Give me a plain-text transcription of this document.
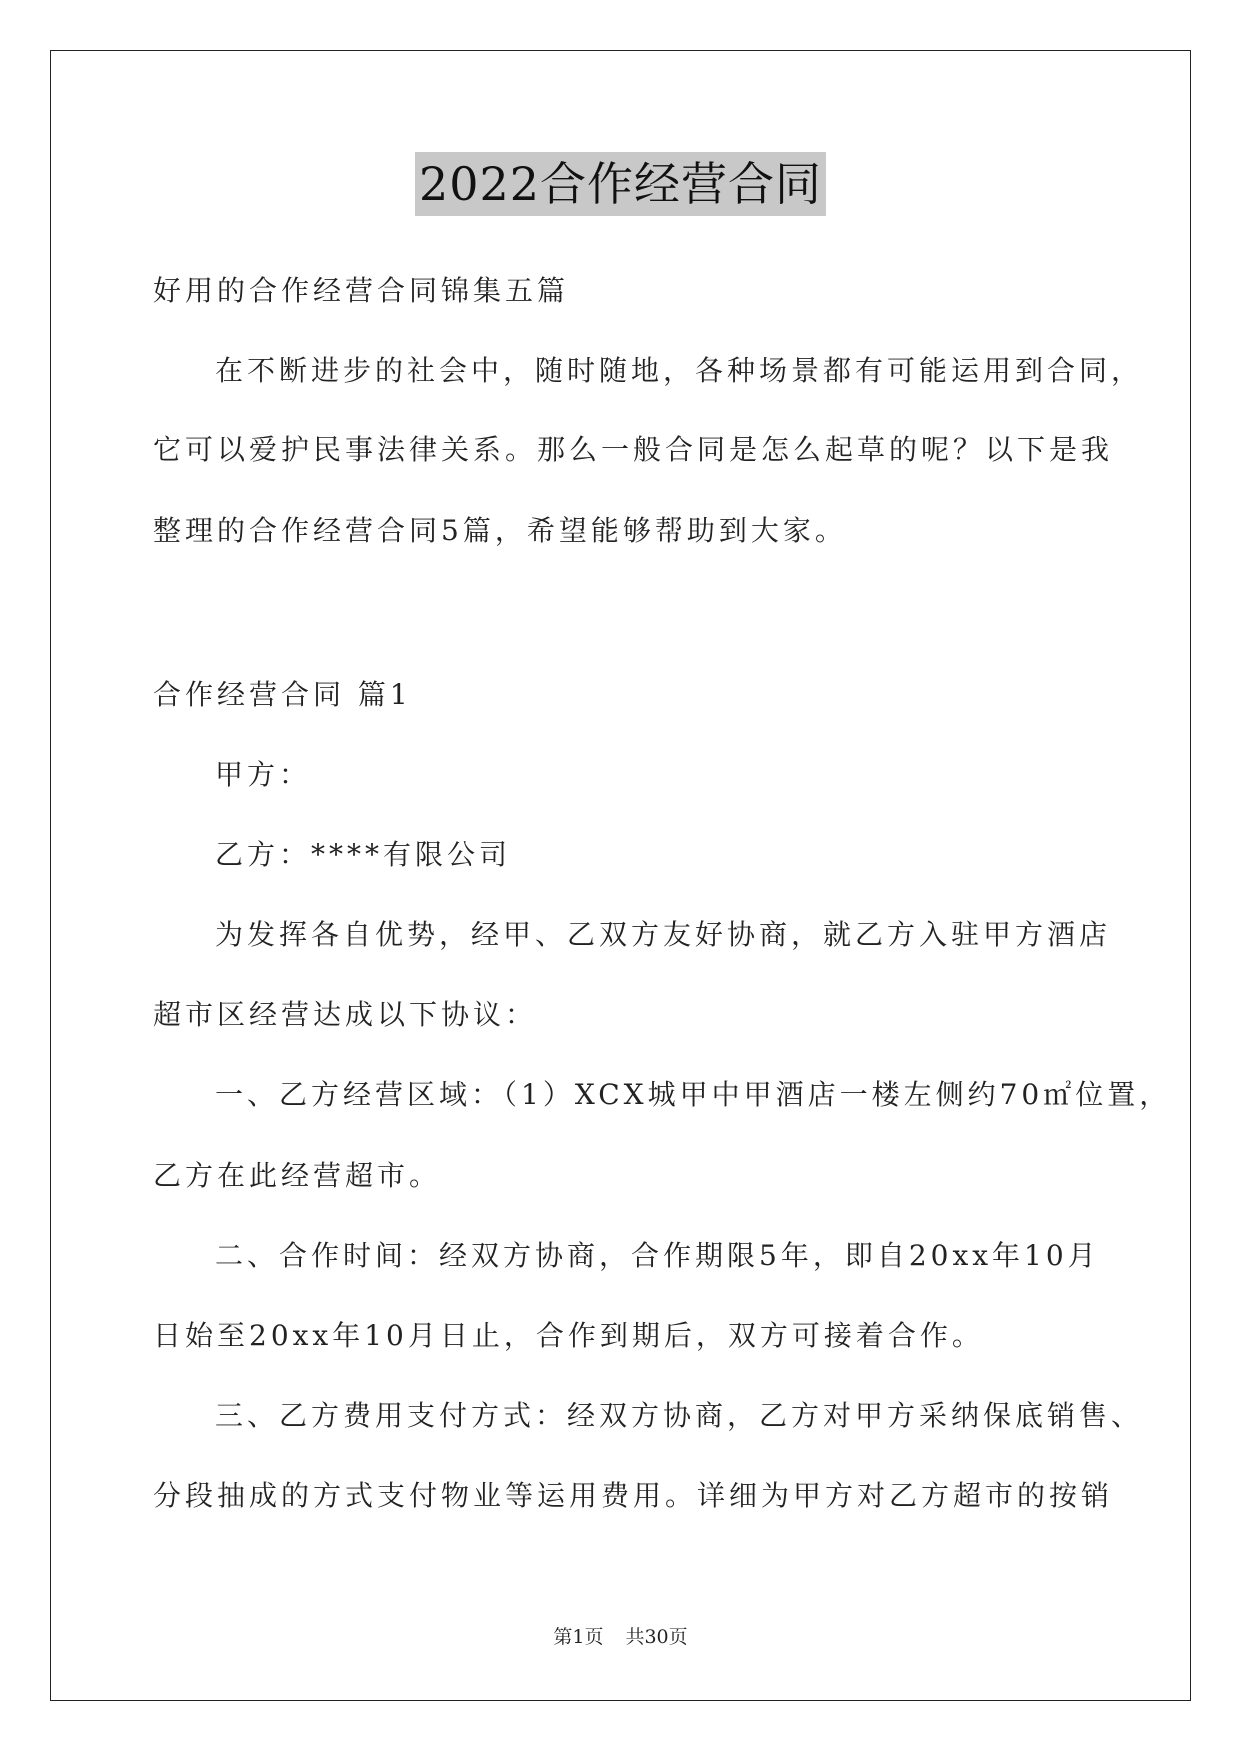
2022合作经营合同
好用的合作经营合同锦集五篇
在不断进步的社会中，随时随地，各种场景都有可能运用到合同，
它可以爱护民事法律关系。那么一般合同是怎么起草的呢？以下是我
整理的合作经营合同5篇，希望能够帮助到大家。
合作经营合同 篇1
甲方：
乙方：****有限公司
为发挥各自优势，经甲、乙双方友好协商，就乙方入驻甲方酒店
超市区经营达成以下协议：
一、乙方经营区域：（1）XCX城甲中甲酒店一楼左侧约70㎡位置，
乙方在此经营超市。
二、合作时间：经双方协商，合作期限5年，即自20xx年10月
日始至20xx年10月日止，合作到期后，双方可接着合作。
三、乙方费用支付方式：经双方协商，乙方对甲方采纳保底销售、
分段抽成的方式支付物业等运用费用。详细为甲方对乙方超市的按销
第1页 共30页
